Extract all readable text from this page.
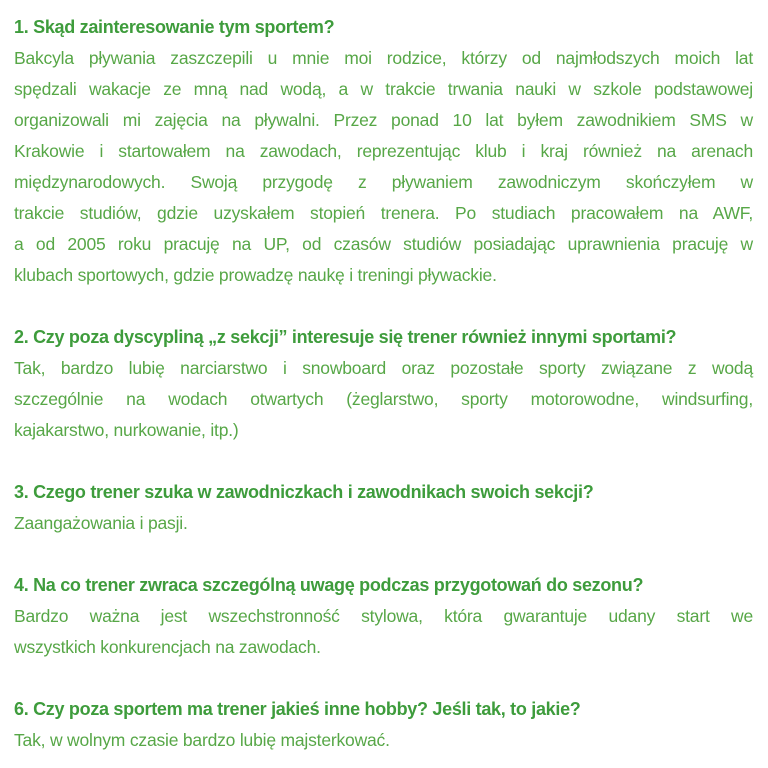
1. Skąd zainteresowanie tym sportem?
Bakcyla pływania zaszczepili u mnie moi rodzice, którzy od najmłodszych moich lat
spędzali wakacje ze mną nad wodą, a w trakcie trwania nauki w szkole podstawowej
organizowali mi zajęcia na pływalni. Przez ponad 10 lat byłem zawodnikiem SMS w
Krakowie i startowałem na zawodach, reprezentując klub i kraj również na arenach
międzynarodowych. Swoją przygodę z pływaniem zawodniczym skończyłem w
trakcie studiów, gdzie uzyskałem stopień trenera. Po studiach pracowałem na AWF,
a od 2005 roku pracuję na UP, od czasów studiów posiadając uprawnienia pracuję w
klubach sportowych, gdzie prowadzę naukę i treningi pływackie.
2. Czy poza dyscypliną „z sekcji” interesuje się trener również innymi sportami?
Tak, bardzo lubię narciarstwo i snowboard oraz pozostałe sporty związane z wodą
szczególnie na wodach otwartych (żeglarstwo, sporty motorowodne, windsurfing,
kajakarstwo, nurkowanie, itp.)
3. Czego trener szuka w zawodniczkach i zawodnikach swoich sekcji?
Zaangażowania i pasji.
4. Na co trener zwraca szczególną uwagę podczas przygotowań do sezonu?
Bardzo ważna jest wszechstronność stylowa, która gwarantuje udany start we
wszystkich konkurencjach na zawodach.
6. Czy poza sportem ma trener jakieś inne hobby? Jeśli tak, to jakie?
Tak, w wolnym czasie bardzo lubię majsterkować.
